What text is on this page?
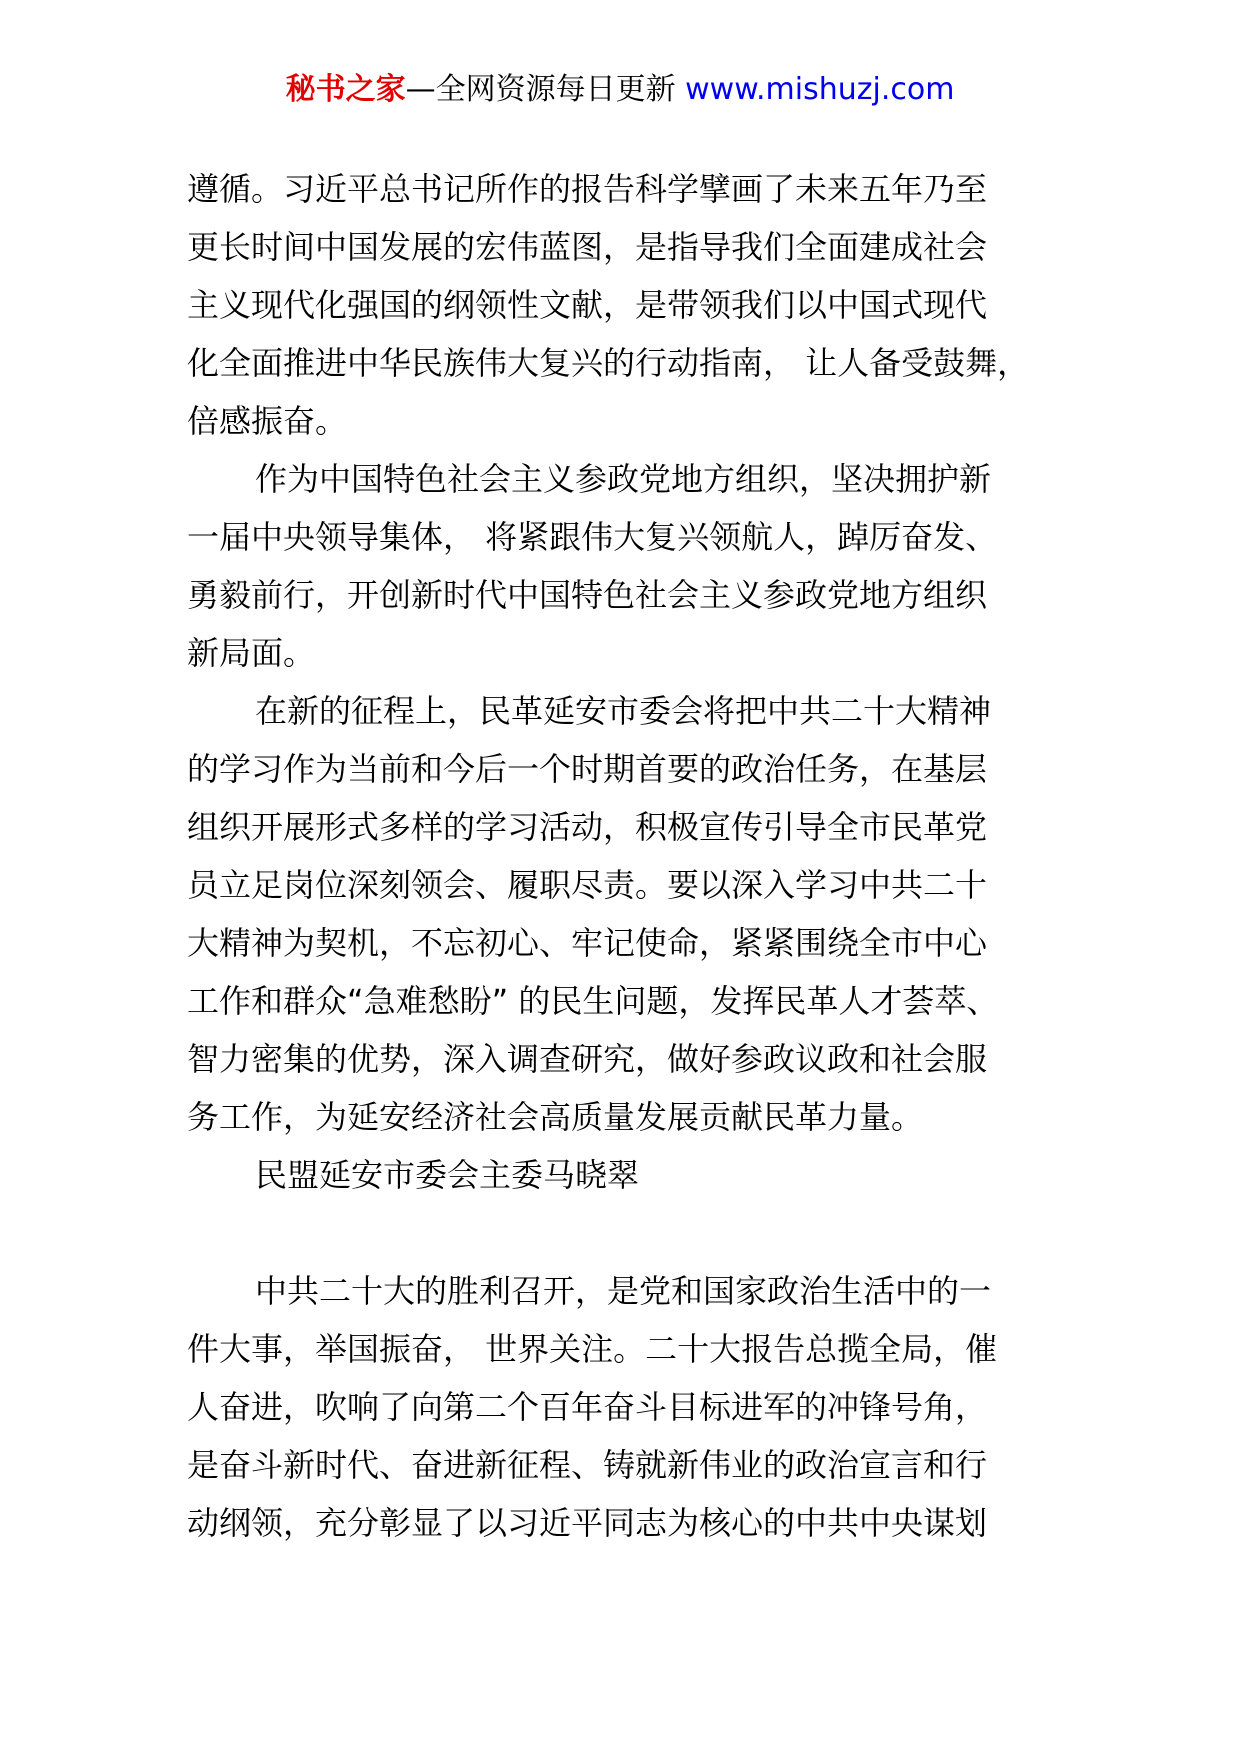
秘书之家—全网资源每日更新 www.mishuzj.com
遵循。习近平总书记所作的报告科学擘画了未来五年乃至
更长时间中国发展的宏伟蓝图，是指导我们全面建成社会
主义现代化强国的纲领性文献，是带领我们以中国式现代
化全面推进中华民族伟大复兴的行动指南， 让人备受鼓舞，
倍感振奋。
作为中国特色社会主义参政党地方组织，坚决拥护新
一届中央领导集体， 将紧跟伟大复兴领航人，踔厉奋发、
勇毅前行，开创新时代中国特色社会主义参政党地方组织
新局面。
在新的征程上，民革延安市委会将把中共二十大精神
的学习作为当前和今后一个时期首要的政治任务，在基层
组织开展形式多样的学习活动，积极宣传引导全市民革党
员立足岗位深刻领会、履职尽责。要以深入学习中共二十
大精神为契机，不忘初心、牢记使命，紧紧围绕全市中心
工作和群众“急难愁盼” 的民生问题，发挥民革人才荟萃、
智力密集的优势，深入调查研究，做好参政议政和社会服
务工作，为延安经济社会高质量发展贡献民革力量。
民盟延安市委会主委马晓翠
中共二十大的胜利召开，是党和国家政治生活中的一
件大事，举国振奋， 世界关注。二十大报告总揽全局，催
人奋进，吹响了向第二个百年奋斗目标进军的冲锋号角，
是奋斗新时代、奋进新征程、铸就新伟业的政治宣言和行
动纲领，充分彰显了以习近平同志为核心的中共中央谋划
